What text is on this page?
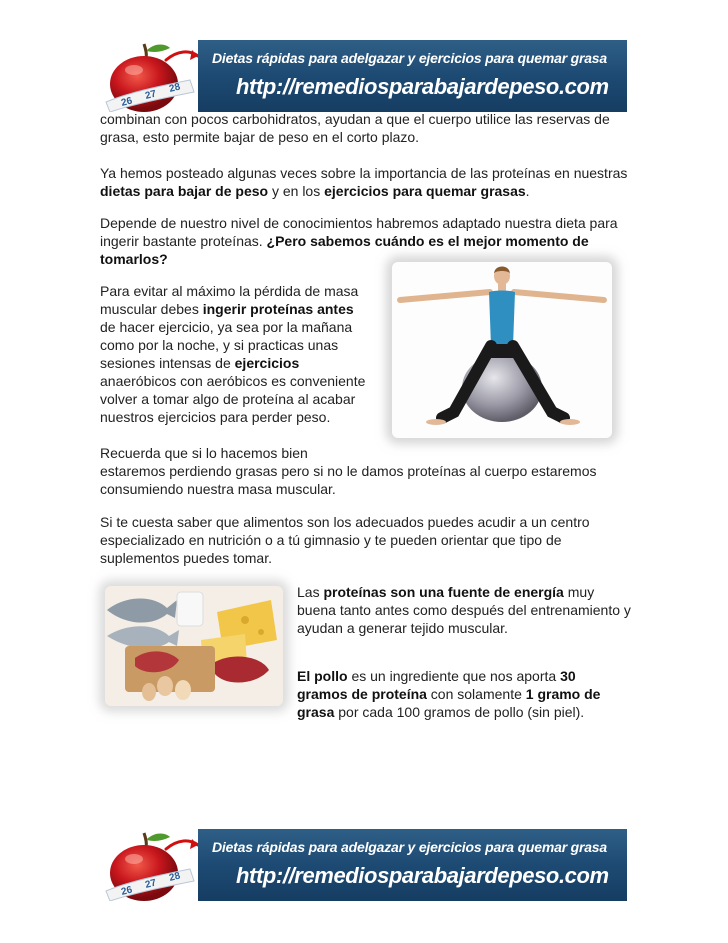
26
27
28
Dietas rápidas para adelgazar y ejercicios para quemar grasa
http://remediosparabajardepeso.com
combinan con pocos carbohidratos, ayudan a que el cuerpo utilice las reservas de grasa, esto permite bajar de peso en el corto plazo.
Ya hemos posteado algunas veces sobre la importancia de las proteínas en nuestras dietas para bajar de peso y en los ejercicios para quemar grasas.
Depende de nuestro nivel de conocimientos habremos adaptado nuestra dieta para ingerir bastante proteínas. ¿Pero sabemos cuándo es el mejor momento de tomarlos?
Para evitar al máximo la pérdida de masa muscular debes ingerir proteínas antes de hacer ejercicio, ya sea por la mañana como por la noche, y si practicas unas sesiones intensas de ejercicios anaeróbicos con aeróbicos es conveniente volver a tomar algo de proteína al acabar nuestros ejercicios para perder peso.
Recuerda que si lo hacemos bien
estaremos perdiendo grasas pero si no le damos proteínas al cuerpo estaremos consumiendo nuestra masa muscular.
Si te cuesta saber que alimentos son los adecuados puedes acudir a un centro especializado en nutrición o a tú gimnasio y te pueden orientar que tipo de suplementos puedes tomar.
Las proteínas son una fuente de energía muy buena tanto antes como después del entrenamiento y ayudan a generar tejido muscular.
El pollo es un ingrediente que nos aporta 30 gramos de proteína con solamente 1 gramo de grasa por cada 100 gramos de pollo (sin piel).
26
27
28
Dietas rápidas para adelgazar y ejercicios para quemar grasa
http://remediosparabajardepeso.com
